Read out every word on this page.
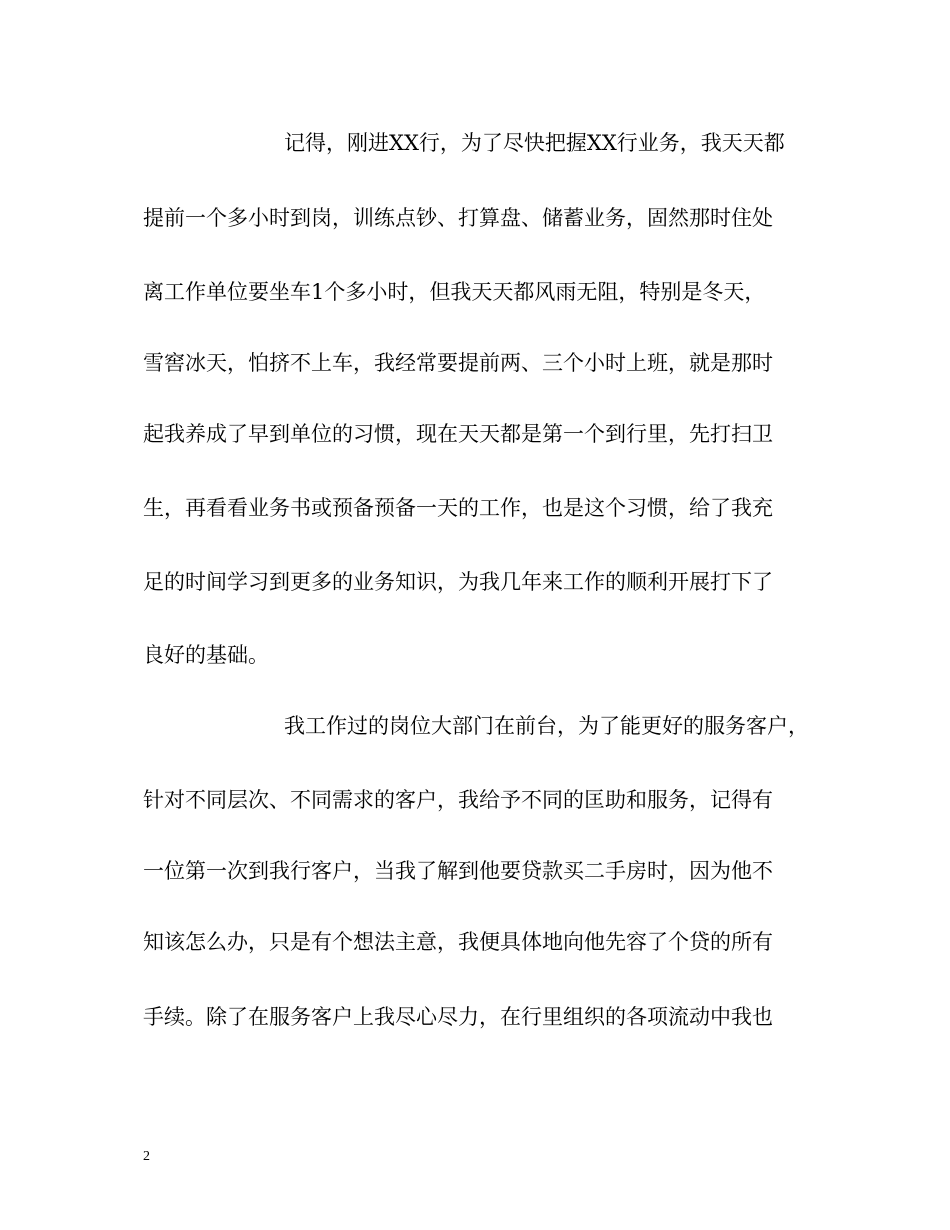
记得，刚进XX行，为了尽快把握XX行业务，我天天都
提前一个多小时到岗，训练点钞、打算盘、储蓄业务，固然那时住处
离工作单位要坐车1个多小时，但我天天都风雨无阻，特别是冬天，
雪窖冰天，怕挤不上车，我经常要提前两、三个小时上班，就是那时
起我养成了早到单位的习惯，现在天天都是第一个到行里，先打扫卫
生，再看看业务书或预备预备一天的工作，也是这个习惯，给了我充
足的时间学习到更多的业务知识，为我几年来工作的顺利开展打下了
良好的基础。
我工作过的岗位大部门在前台，为了能更好的服务客户，
针对不同层次、不同需求的客户，我给予不同的匡助和服务，记得有
一位第一次到我行客户，当我了解到他要贷款买二手房时，因为他不
知该怎么办，只是有个想法主意，我便具体地向他先容了个贷的所有
手续。除了在服务客户上我尽心尽力，在行里组织的各项流动中我也
2
